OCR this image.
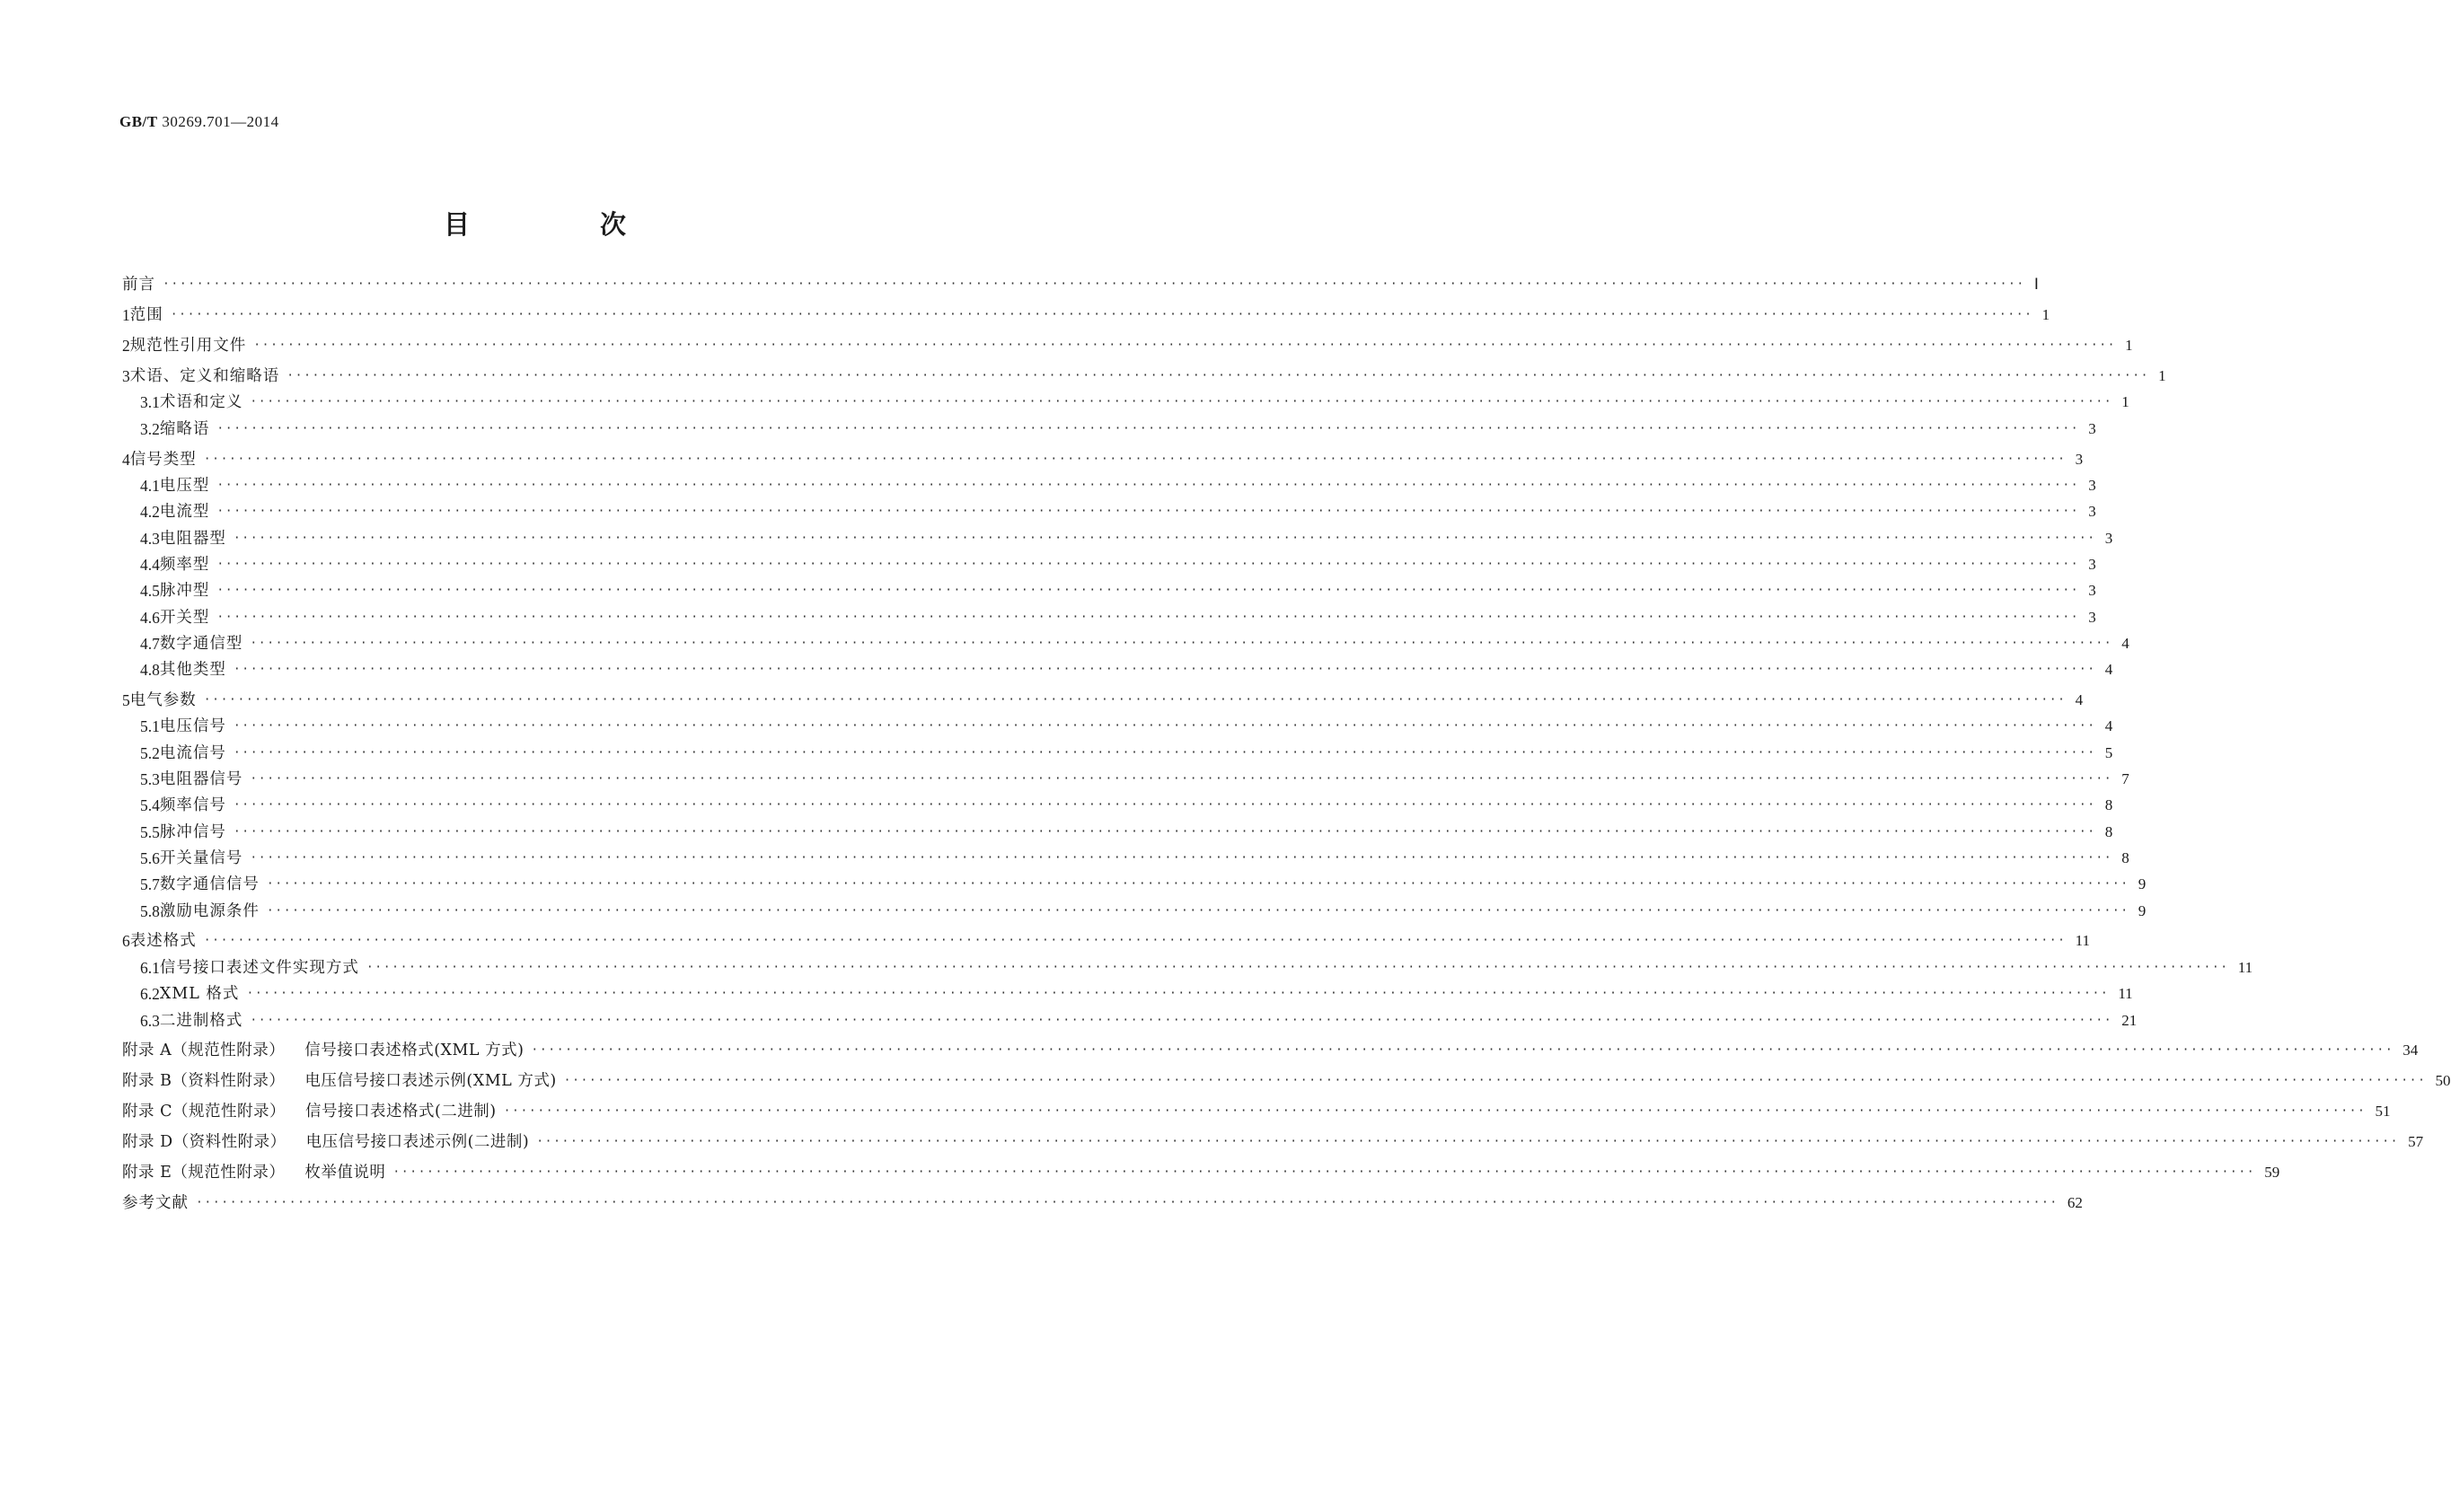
GB/T 30269.701—2014
目　次
前言 ···························································································································································································································· Ⅰ
1 范围 ···························································································································································································································· 1
2 规范性引用文件 ···························································································································································································································· 1
3 术语、定义和缩略语 ···························································································································································································································· 1
3.1 术语和定义 ···························································································································································································································· 1
3.2 缩略语 ···························································································································································································································· 3
4 信号类型 ···························································································································································································································· 3
4.1 电压型 ···························································································································································································································· 3
4.2 电流型 ···························································································································································································································· 3
4.3 电阻器型 ···························································································································································································································· 3
4.4 频率型 ···························································································································································································································· 3
4.5 脉冲型 ···························································································································································································································· 3
4.6 开关型 ···························································································································································································································· 3
4.7 数字通信型 ···························································································································································································································· 4
4.8 其他类型 ···························································································································································································································· 4
5 电气参数 ···························································································································································································································· 4
5.1 电压信号 ···························································································································································································································· 4
5.2 电流信号 ···························································································································································································································· 5
5.3 电阻器信号 ···························································································································································································································· 7
5.4 频率信号 ···························································································································································································································· 8
5.5 脉冲信号 ···························································································································································································································· 8
5.6 开关量信号 ···························································································································································································································· 8
5.7 数字通信信号 ···························································································································································································································· 9
5.8 激励电源条件 ···························································································································································································································· 9
6 表述格式 ···························································································································································································································· 11
6.1 信号接口表述文件实现方式 ···························································································································································································································· 11
6.2 XML 格式 ···························································································································································································································· 11
6.3 二进制格式 ···························································································································································································································· 21
附录 A（规范性附录） 信号接口表述格式(XML 方式) ···························································································································································································································· 34
附录 B（资料性附录） 电压信号接口表述示例(XML 方式) ···························································································································································································································· 50
附录 C（规范性附录） 信号接口表述格式(二进制) ···························································································································································································································· 51
附录 D（资料性附录） 电压信号接口表述示例(二进制) ···························································································································································································································· 57
附录 E（规范性附录） 枚举值说明 ···························································································································································································································· 59
参考文献 ···························································································································································································································· 62
